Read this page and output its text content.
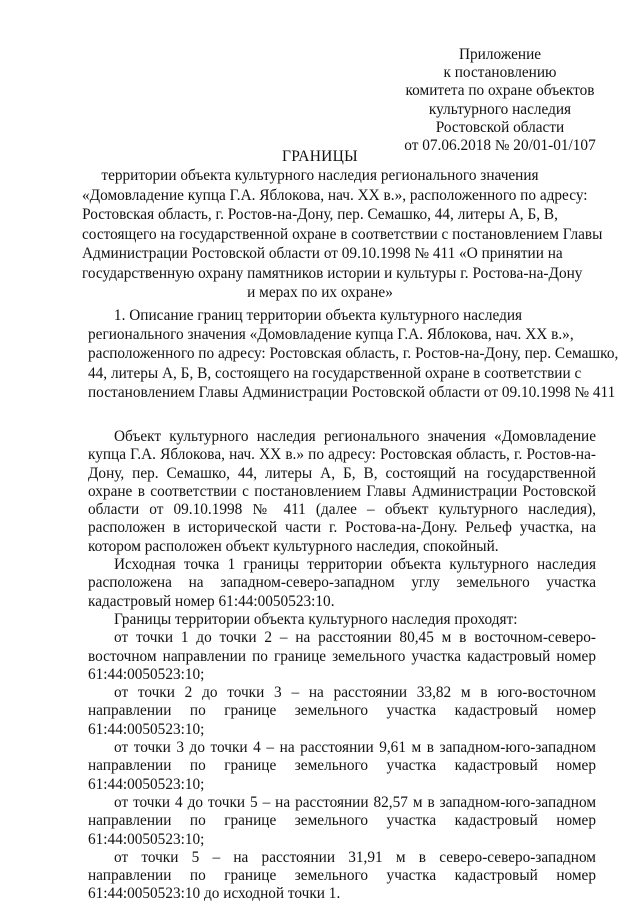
Приложение
к постановлению
комитета по охране объектов
культурного наследия
Ростовской области
от 07.06.2018 № 20/01-01/107
ГРАНИЦЫ
территории объекта культурного наследия регионального значения
«Домовладение купца Г.А. Яблокова, нач. XX в.», расположенного по адресу:
Ростовская область, г. Ростов-на-Дону, пер. Семашко, 44, литеры А, Б, В,
состоящего на государственной охране в соответствии с постановлением Главы
Администрации Ростовской области от 09.10.1998 № 411 «О принятии на
государственную охрану памятников истории и культуры г. Ростова-на-Дону
и мерах по их охране»
1. Описание границ территории объекта культурного наследия
регионального значения «Домовладение купца Г.А. Яблокова, нач. XX в.»,
расположенного по адресу: Ростовская область, г. Ростов-на-Дону, пер. Семашко,
44, литеры А, Б, В, состоящего на государственной охране в соответствии с
постановлением Главы Администрации Ростовской области от 09.10.1998 № 411

Объект культурного наследия регионального значения «Домовладение купца Г.А. Яблокова, нач. XX в.» по адресу: Ростовская область, г. Ростов-на-Дону, пер. Семашко, 44, литеры А, Б, В, состоящий на государственной охране в соответствии с постановлением Главы Администрации Ростовской области от 09.10.1998 № 411 (далее – объект культурного наследия), расположен в исторической части г. Ростова-на-Дону. Рельеф участка, на котором расположен объект культурного наследия, спокойный.

Исходная точка 1 границы территории объекта культурного наследия расположена на западном-северо-западном углу земельного участка кадастровый номер 61:44:0050523:10.

Границы территории объекта культурного наследия проходят:

от точки 1 до точки 2 – на расстоянии 80,45 м в восточном-северо-восточном направлении по границе земельного участка кадастровый номер 61:44:0050523:10;

от точки 2 до точки 3 – на расстоянии 33,82 м в юго-восточном направлении по границе земельного участка кадастровый номер 61:44:0050523:10;

от точки 3 до точки 4 – на расстоянии 9,61 м в западном-юго-западном направлении по границе земельного участка кадастровый номер 61:44:0050523:10;

от точки 4 до точки 5 – на расстоянии 82,57 м в западном-юго-западном направлении по границе земельного участка кадастровый номер 61:44:0050523:10;

от точки 5 – на расстоянии 31,91 м в северо-северо-западном направлении по границе земельного участка кадастровый номер 61:44:0050523:10 до исходной точки 1.
